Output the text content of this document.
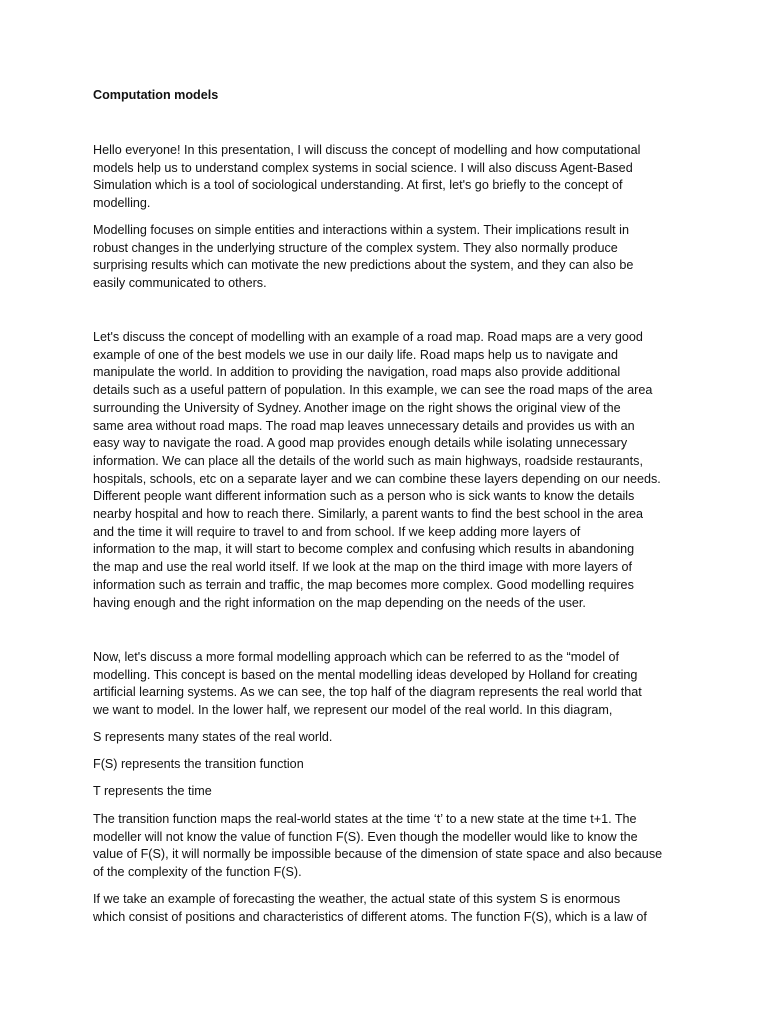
Computation models
Hello everyone! In this presentation, I will discuss the concept of modelling and how computational
models help us to understand complex systems in social science. I will also discuss Agent-Based
Simulation which is a tool of sociological understanding. At first, let's go briefly to the concept of
modelling.
Modelling focuses on simple entities and interactions within a system. Their implications result in
robust changes in the underlying structure of the complex system. They also normally produce
surprising results which can motivate the new predictions about the system, and they can also be
easily communicated to others.
Let's discuss the concept of modelling with an example of a road map. Road maps are a very good
example of one of the best models we use in our daily life. Road maps help us to navigate and
manipulate the world. In addition to providing the navigation, road maps also provide additional
details such as a useful pattern of population. In this example, we can see the road maps of the area
surrounding the University of Sydney. Another image on the right shows the original view of the
same area without road maps. The road map leaves unnecessary details and provides us with an
easy way to navigate the road. A good map provides enough details while isolating unnecessary
information. We can place all the details of the world such as main highways, roadside restaurants,
hospitals, schools, etc on a separate layer and we can combine these layers depending on our needs.
Different people want different information such as a person who is sick wants to know the details
nearby hospital and how to reach there. Similarly, a parent wants to find the best school in the area
and the time it will require to travel to and from school. If we keep adding more layers of
information to the map, it will start to become complex and confusing which results in abandoning
the map and use the real world itself. If we look at the map on the third image with more layers of
information such as terrain and traffic, the map becomes more complex. Good modelling requires
having enough and the right information on the map depending on the needs of the user.
Now, let's discuss a more formal modelling approach which can be referred to as the “model of
modelling. This concept is based on the mental modelling ideas developed by Holland for creating
artificial learning systems. As we can see, the top half of the diagram represents the real world that
we want to model. In the lower half, we represent our model of the real world. In this diagram,
S represents many states of the real world.
F(S) represents the transition function
T represents the time
The transition function maps the real-world states at the time ‘t’ to a new state at the time t+1. The
modeller will not know the value of function F(S). Even though the modeller would like to know the
value of F(S), it will normally be impossible because of the dimension of state space and also because
of the complexity of the function F(S).
If we take an example of forecasting the weather, the actual state of this system S is enormous
which consist of positions and characteristics of different atoms. The function F(S), which is a law of
